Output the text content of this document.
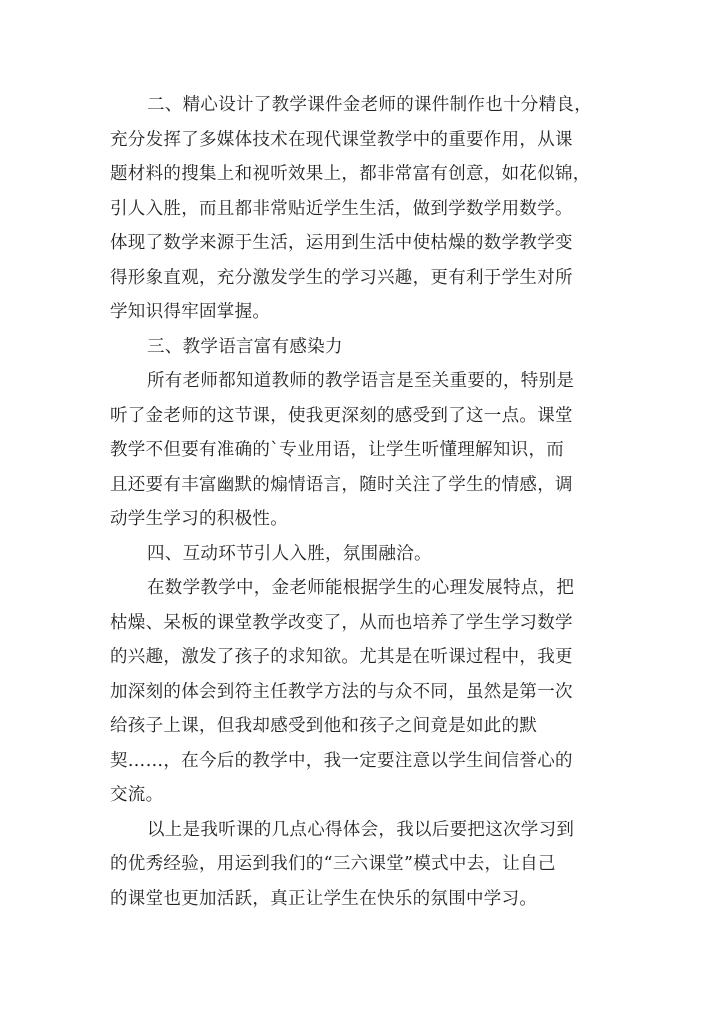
二、精心设计了教学课件金老师的课件制作也十分精良，
充分发挥了多媒体技术在现代课堂教学中的重要作用，从课
题材料的搜集上和视听效果上，都非常富有创意，如花似锦，
引人入胜，而且都非常贴近学生生活，做到学数学用数学。
体现了数学来源于生活，运用到生活中使枯燥的数学教学变
得形象直观，充分激发学生的学习兴趣，更有利于学生对所
学知识得牢固掌握。
三、教学语言富有感染力
所有老师都知道教师的教学语言是至关重要的，特别是
听了金老师的这节课，使我更深刻的感受到了这一点。课堂
教学不但要有准确的`专业用语，让学生听懂理解知识，而
且还要有丰富幽默的煽情语言，随时关注了学生的情感，调
动学生学习的积极性。
四、互动环节引人入胜，氛围融洽。
在数学教学中，金老师能根据学生的心理发展特点，把
枯燥、呆板的课堂教学改变了，从而也培养了学生学习数学
的兴趣，激发了孩子的求知欲。尤其是在听课过程中，我更
加深刻的体会到符主任教学方法的与众不同，虽然是第一次
给孩子上课，但我却感受到他和孩子之间竟是如此的默
契……，在今后的教学中，我一定要注意以学生间信誉心的
交流。
以上是我听课的几点心得体会，我以后要把这次学习到
的优秀经验，用运到我们的“三六课堂”模式中去，让自己
的课堂也更加活跃，真正让学生在快乐的氛围中学习。
